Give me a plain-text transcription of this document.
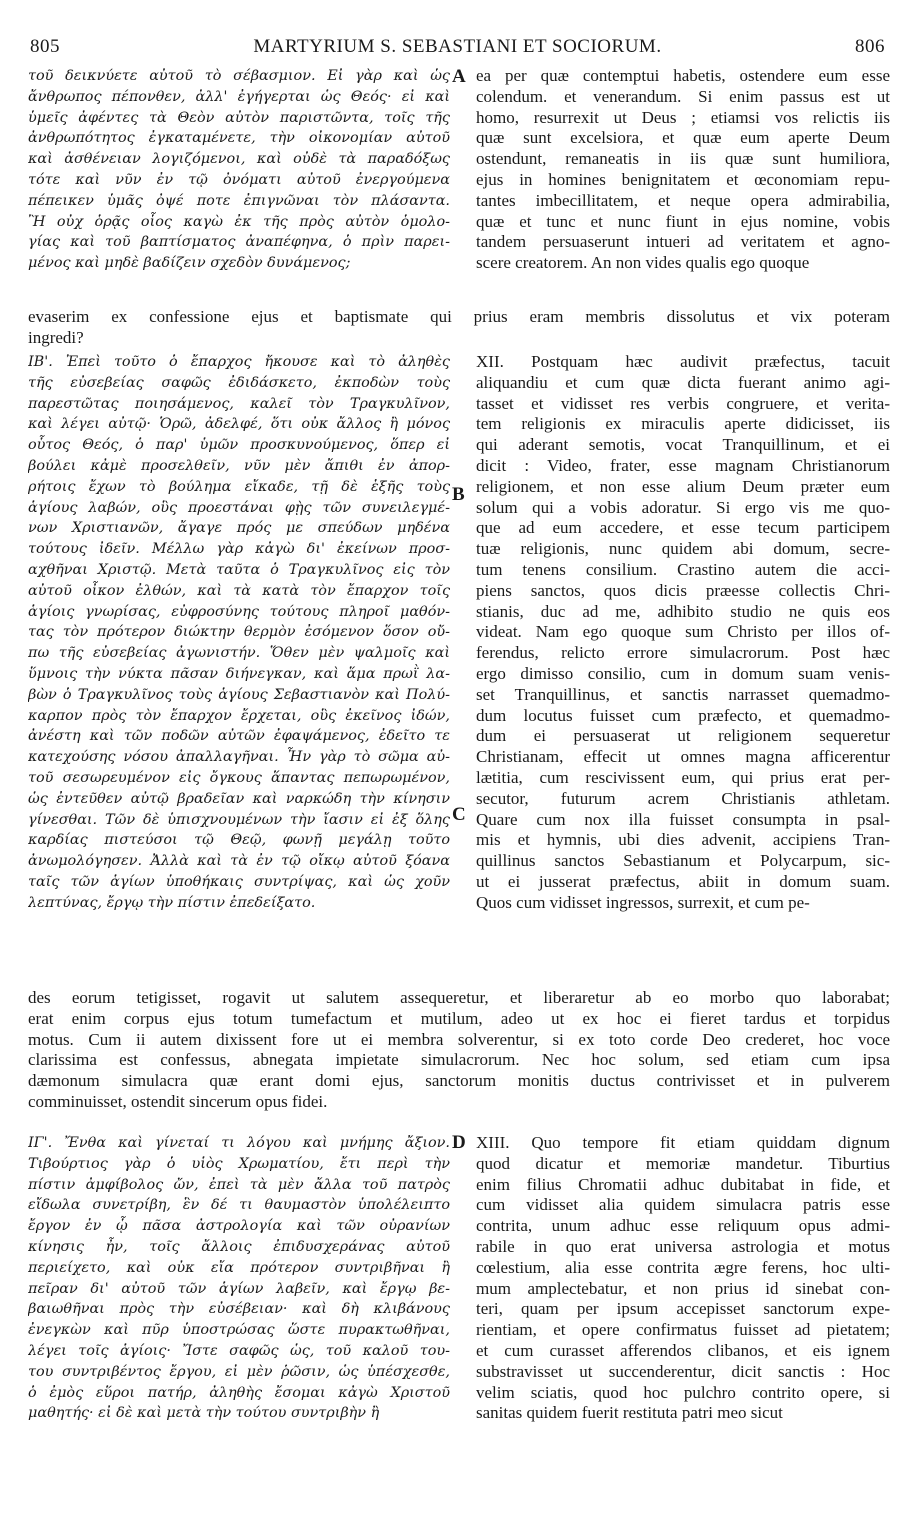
805	MARTYRIUM S. SEBASTIANI ET SOCIORUM.	806
A
B
C
D
τοῦ δεικνύετε αὐτοῦ τὸ σέβασμιον. Εἰ γὰρ καὶ ὡς
ἄνθρωπος πέπονθεν, ἀλλ' ἐγήγερται ὡς Θεός· εἰ καὶ
ὑμεῖς ἀφέντες τὰ Θεὸν αὐτὸν παριστῶντα, τοῖς τῆς
ἀνθρωπότητος ἐγκαταμένετε, τὴν οἰκονομίαν αὐτοῦ
καὶ ἀσθένειαν λογιζόμενοι, καὶ οὐδὲ τὰ παραδόξως
τότε καὶ νῦν ἐν τῷ ὀνόματι αὐτοῦ ἐνεργούμενα
πέπεικεν ὑμᾶς ὀψέ ποτε ἐπιγνῶναι τὸν πλάσαντα.
Ἢ οὐχ ὁρᾷς οἷος καγὼ ἐκ τῆς πρὸς αὐτὸν ὁμολο-
γίας καὶ τοῦ βαπτίσματος ἀναπέφηνα, ὁ πρὶν παρει-
μένος καὶ μηδὲ βαδίζειν σχεδὸν δυνάμενος;
ea per quæ contemptui habetis, ostendere eum esse
colendum. et venerandum. Si enim passus est ut
homo, resurrexit ut Deus ; etiamsi vos relictis iis
quæ sunt excelsiora, et quæ eum aperte Deum
ostendunt, remaneatis in iis quæ sunt humiliora,
ejus in homines benignitatem et œconomiam repu-
tantes imbecillitatem, et neque opera admirabilia,
quæ et tunc et nunc fiunt in ejus nomine, vobis
tandem persuaserunt intueri ad veritatem et agno-
scere creatorem. An non vides qualis ego quoque
evaserim ex confessione ejus et baptismate qui prius eram membris dissolutus et vix poteram
ingredi?
ΙΒ'. Ἐπεὶ τοῦτο ὁ ἔπαρχος ἤκουσε καὶ τὸ ἀληθὲς
τῆς εὐσεβείας σαφῶς ἐδιδάσκετο, ἐκποδὼν τοὺς
παρεστῶτας ποιησάμενος, καλεῖ τὸν Τραγκυλῖνον,
καὶ λέγει αὐτῷ· Ὁρῶ, ἀδελφέ, ὅτι οὐκ ἄλλος ἢ μόνος
οὗτος Θεός, ὁ παρ' ὑμῶν προσκυνούμενος, ὅπερ εἰ
βούλει κἀμὲ προσελθεῖν, νῦν μὲν ἄπιθι ἐν ἀπορ-
ρήτοις ἔχων τὸ βούλημα εἴκαδε, τῇ δὲ ἑξῆς τοὺς
ἁγίους λαβών, οὓς προεστάναι φῂς τῶν συνειλεγμέ-
νων Χριστιανῶν, ἄγαγε πρός με σπεύδων μηδένα
τούτους ἰδεῖν. Μέλλω γὰρ κἀγὼ δι' ἐκείνων προσ-
αχθῆναι Χριστῷ. Μετὰ ταῦτα ὁ Τραγκυλῖνος εἰς τὸν
αὐτοῦ οἶκον ἐλθών, καὶ τὰ κατὰ τὸν ἔπαρχον τοῖς
ἁγίοις γνωρίσας, εὐφροσύνης τούτους πληροῖ μαθόν-
τας τὸν πρότερον διώκτην θερμὸν ἐσόμενον ὅσον οὔ-
πω τῆς εὐσεβείας ἀγωνιστήν. Ὅθεν μὲν ψαλμοῖς καὶ
ὕμνοις τὴν νύκτα πᾶσαν διήνεγκαν, καὶ ἅμα πρωῒ λα-
βὼν ὁ Τραγκυλῖνος τοὺς ἁγίους Σεβαστιανὸν καὶ Πολύ-
καρπον πρὸς τὸν ἔπαρχον ἔρχεται, οὓς ἐκεῖνος ἰδών,
ἀνέστη καὶ τῶν ποδῶν αὐτῶν ἐφαψάμενος, ἐδεῖτο τε
κατεχούσης νόσου ἀπαλλαγῆναι. Ἦν γὰρ τὸ σῶμα αὐ-
τοῦ σεσωρευμένον εἰς ὄγκους ἅπαντας πεπωρωμένον,
ὡς ἐντεῦθεν αὐτῷ βραδεῖαν καὶ ναρκώδη τὴν κίνησιν
γίνεσθαι. Τῶν δὲ ὑπισχνουμένων τὴν ἴασιν εἰ ἐξ ὅλης
καρδίας πιστεύσοι τῷ Θεῷ, φωνῇ μεγάλῃ τοῦτο
ἀνωμολόγησεν. Ἀλλὰ καὶ τὰ ἐν τῷ οἴκῳ αὐτοῦ ξόανα
ταῖς τῶν ἁγίων ὑποθήκαις συντρίψας, καὶ ὡς χοῦν
λεπτύνας, ἔργῳ τὴν πίστιν ἐπεδείξατο.
XII. Postquam hæc audivit præfectus, tacuit
aliquandiu et cum quæ dicta fuerant animo agi-
tasset et vidisset res verbis congruere, et verita-
tem religionis ex miraculis aperte didicisset, iis
qui aderant semotis, vocat Tranquillinum, et ei
dicit : Video, frater, esse magnam Christianorum
religionem, et non esse alium Deum præter eum
solum qui a vobis adoratur. Si ergo vis me quo-
que ad eum accedere, et esse tecum participem
tuæ religionis, nunc quidem abi domum, secre-
tum tenens consilium. Crastino autem die acci-
piens sanctos, quos dicis præesse collectis Chri-
stianis, duc ad me, adhibito studio ne quis eos
videat. Nam ego quoque sum Christo per illos of-
ferendus, relicto errore simulacrorum. Post hæc
ergo dimisso consilio, cum in domum suam venis-
set Tranquillinus, et sanctis narrasset quemadmo-
dum locutus fuisset cum præfecto, et quemadmo-
dum ei persuaserat ut religionem sequeretur
Christianam, effecit ut omnes magna afficerentur
lætitia, cum rescivissent eum, qui prius erat per-
secutor, futurum acrem Christianis athletam.
Quare cum nox illa fuisset consumpta in psal-
mis et hymnis, ubi dies advenit, accipiens Tran-
quillinus sanctos Sebastianum et Polycarpum, sic-
ut ei jusserat præfectus, abiit in domum suam.
Quos cum vidisset ingressos, surrexit, et cum pe-
des eorum tetigisset, rogavit ut salutem assequeretur, et liberaretur ab eo morbo quo laborabat;
erat enim corpus ejus totum tumefactum et mutilum, adeo ut ex hoc ei fieret tardus et torpidus
motus. Cum ii autem dixissent fore ut ei membra solverentur, si ex toto corde Deo crederet, hoc voce
clarissima est confessus, abnegata impietate simulacrorum. Nec hoc solum, sed etiam cum ipsa
dæmonum simulacra quæ erant domi ejus, sanctorum monitis ductus contrivisset et in pulverem
comminuisset, ostendit sincerum opus fidei.
ΙΓ'. Ἔνθα καὶ γίνεταί τι λόγου καὶ μνήμης ἄξιον.
Τιβούρτιος γὰρ ὁ υἱὸς Χρωματίου, ἔτι περὶ τὴν
πίστιν ἀμφίβολος ὤν, ἐπεὶ τὰ μὲν ἄλλα τοῦ πατρὸς
εἴδωλα συνετρίβη, ἓν δέ τι θαυμαστὸν ὑπολέλειπτο
ἔργον ἐν ᾧ πᾶσα ἀστρολογία καὶ τῶν οὐρανίων
κίνησις ἦν, τοῖς ἄλλοις ἐπιδυσχεράνας αὐτοῦ
περιείχετο, καὶ οὐκ εἴα πρότερον συντριβῆναι ἢ
πεῖραν δι' αὐτοῦ τῶν ἁγίων λαβεῖν, καὶ ἔργῳ βε-
βαιωθῆναι πρὸς τὴν εὐσέβειαν· καὶ δὴ κλιβάνους
ἐνεγκὼν καὶ πῦρ ὑποστρώσας ὥστε πυρακτωθῆναι,
λέγει τοῖς ἁγίοις· Ἴστε σαφῶς ὡς, τοῦ καλοῦ του-
του συντριβέντος ἔργου, εἰ μὲν ῥῶσιν, ὡς ὑπέσχεσθε,
ὁ ἐμὸς εὕροι πατήρ, ἀληθὴς ἔσομαι κἀγὼ Χριστοῦ
μαθητής· εἰ δὲ καὶ μετὰ τὴν τούτου συντριβὴν ἢ
XIII. Quo tempore fit etiam quiddam dignum
quod dicatur et memoriæ mandetur. Tiburtius
enim filius Chromatii adhuc dubitabat in fide, et
cum vidisset alia quidem simulacra patris esse
contrita, unum adhuc esse reliquum opus admi-
rabile in quo erat universa astrologia et motus
cœlestium, alia esse contrita ægre ferens, hoc ulti-
mum amplectebatur, et non prius id sinebat con-
teri, quam per ipsum accepisset sanctorum expe-
rientiam, et opere confirmatus fuisset ad pietatem;
et cum curasset afferendos clibanos, et eis ignem
substravisset ut succenderentur, dicit sanctis : Hoc
velim sciatis, quod hoc pulchro contrito opere, si
sanitas quidem fuerit restituta patri meo sicut
